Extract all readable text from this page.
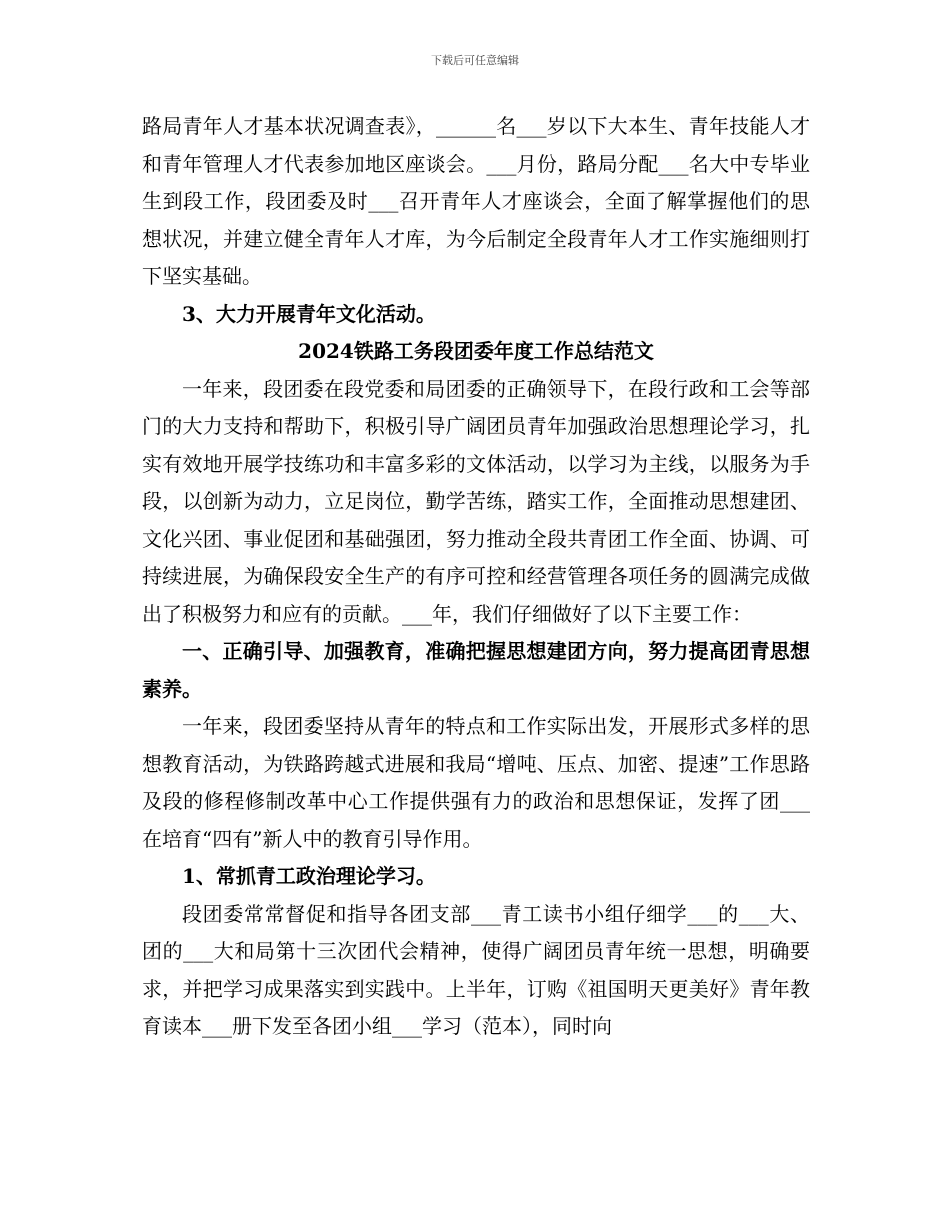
下载后可任意编辑

路局青年人才基本状况调查表》，______名___岁以下大本生、青年技能人才和青年管理人才代表参加地区座谈会。___月份，路局分配___名大中专毕业生到段工作，段团委及时___召开青年人才座谈会，全面了解掌握他们的思想状况，并建立健全青年人才库，为今后制定全段青年人才工作实施细则打下坚实基础。

3、大力开展青年文化活动。

2024铁路工务段团委年度工作总结范文

一年来，段团委在段党委和局团委的正确领导下，在段行政和工会等部门的大力支持和帮助下，积极引导广阔团员青年加强政治思想理论学习，扎实有效地开展学技练功和丰富多彩的文体活动，以学习为主线，以服务为手段，以创新为动力，立足岗位，勤学苦练，踏实工作，全面推动思想建团、文化兴团、事业促团和基础强团，努力推动全段共青团工作全面、协调、可持续进展，为确保段安全生产的有序可控和经营管理各项任务的圆满完成做出了积极努力和应有的贡献。___年，我们仔细做好了以下主要工作：

一、正确引导、加强教育，准确把握思想建团方向，努力提高团青思想素养。

一年来，段团委坚持从青年的特点和工作实际出发，开展形式多样的思想教育活动，为铁路跨越式进展和我局“增吨、压点、加密、提速”工作思路及段的修程修制改革中心工作提供强有力的政治和思想保证，发挥了团___在培育“四有”新人中的教育引导作用。

1、常抓青工政治理论学习。

段团委常常督促和指导各团支部___青工读书小组仔细学___的___大、团的___大和局第十三次团代会精神，使得广阔团员青年统一思想，明确要求，并把学习成果落实到实践中。上半年，订购《祖国明天更美好》青年教育读本___册下发至各团小组___学习（范本），同时向
